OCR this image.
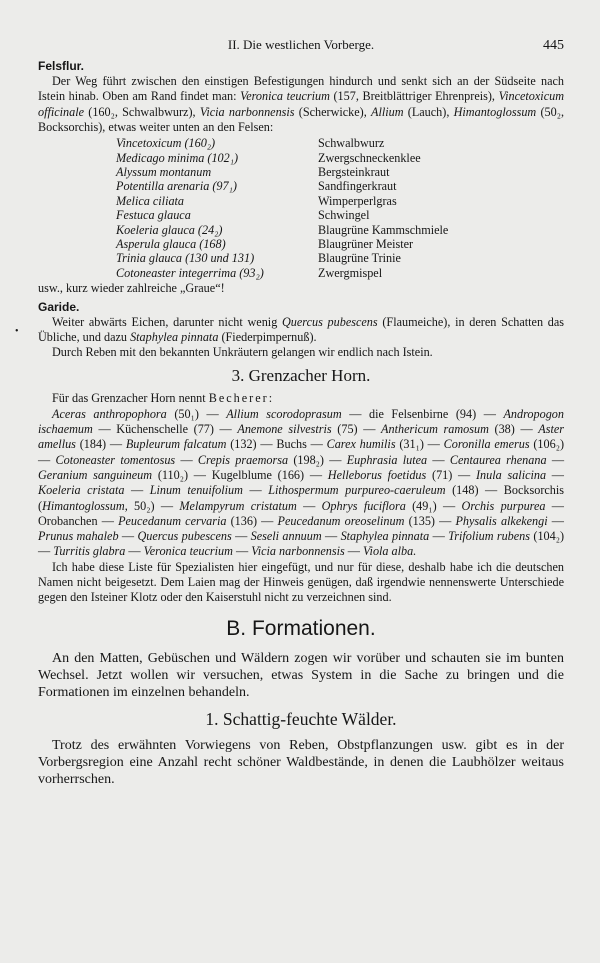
II. Die westlichen Vorberge.	445
•

Felsflur.

Der Weg führt zwischen den einstigen Befestigungen hindurch und senkt sich an der Südseite nach Istein hinab. Oben am Rand findet man: Veronica teucrium (157, Breitblättriger Ehrenpreis), Vincetoxicum officinale (160₂, Schwalbwurz), Vicia narbonnensis (Scherwicke), Allium (Lauch), Himantoglossum (50₂, Bocksorchis), etwas weiter unten an den Felsen:

Vincetoxicum (160₂)	Schwalbwurz
Medicago minima (102₁)	Zwergschneckenklee
Alyssum montanum	Bergsteinkraut
Potentilla arenaria (97₁)	Sandfingerkraut
Melica ciliata	Wimperperlgras
Festuca glauca	Schwingel
Koeleria glauca (24₂)	Blaugrüne Kammschmiele
Asperula glauca (168)	Blaugrüner Meister
Trinia glauca (130 und 131)	Blaugrüne Trinie
Cotoneaster integerrima (93₂)	Zwergmispel

usw., kurz wieder zahlreiche „Graue“!

Garide.

Weiter abwärts Eichen, darunter nicht wenig Quercus pubescens (Flaumeiche), in deren Schatten das Übliche, und dazu Staphylea pinnata (Fiederpimpernuß).

Durch Reben mit den bekannten Unkräutern gelangen wir endlich nach Istein.

3. Grenzacher Horn.

Für das Grenzacher Horn nennt Becherer:

Aceras anthropophora (50₁) — Allium scorodoprasum — die Felsenbirne (94) — Andropogon ischaemum — Küchenschelle (77) — Anemone silvestris (75) — Anthericum ramosum (38) — Aster amellus (184) — Bupleurum falcatum (132) — Buchs — Carex humilis (31₁) — Coronilla emerus (106₂) — Cotoneaster tomentosus — Crepis praemorsa (198₂) — Euphrasia lutea — Centaurea rhenana — Geranium sanguineum (110₂) — Kugelblume (166) — Helleborus foetidus (71) — Inula salicina — Koeleria cristata — Linum tenuifolium — Lithospermum purpureo-caeruleum (148) — Bocksorchis (Himantoglossum, 50₂) — Melampyrum cristatum — Ophrys fuciflora (49₁) — Orchis purpurea — Orobanchen — Peucedanum cervaria (136) — Peucedanum oreoselinum (135) — Physalis alkekengi — Prunus mahaleb — Quercus pubescens — Seseli annuum — Staphylea pinnata — Trifolium rubens (104₂) — Turritis glabra — Veronica teucrium — Vicia narbonnensis — Viola alba.

Ich habe diese Liste für Spezialisten hier eingefügt, und nur für diese, deshalb habe ich die deutschen Namen nicht beigesetzt. Dem Laien mag der Hinweis genügen, daß irgendwie nennenswerte Unterschiede gegen den Isteiner Klotz oder den Kaiserstuhl nicht zu verzeichnen sind.

B. Formationen.

An den Matten, Gebüschen und Wäldern zogen wir vorüber und schauten sie im bunten Wechsel. Jetzt wollen wir versuchen, etwas System in die Sache zu bringen und die Formationen im einzelnen behandeln.

1. Schattig-feuchte Wälder.

Trotz des erwähnten Vorwiegens von Reben, Obstpflanzungen usw. gibt es in der Vorbergsregion eine Anzahl recht schöner Waldbestände, in denen die Laubhölzer weitaus vorherrschen.
